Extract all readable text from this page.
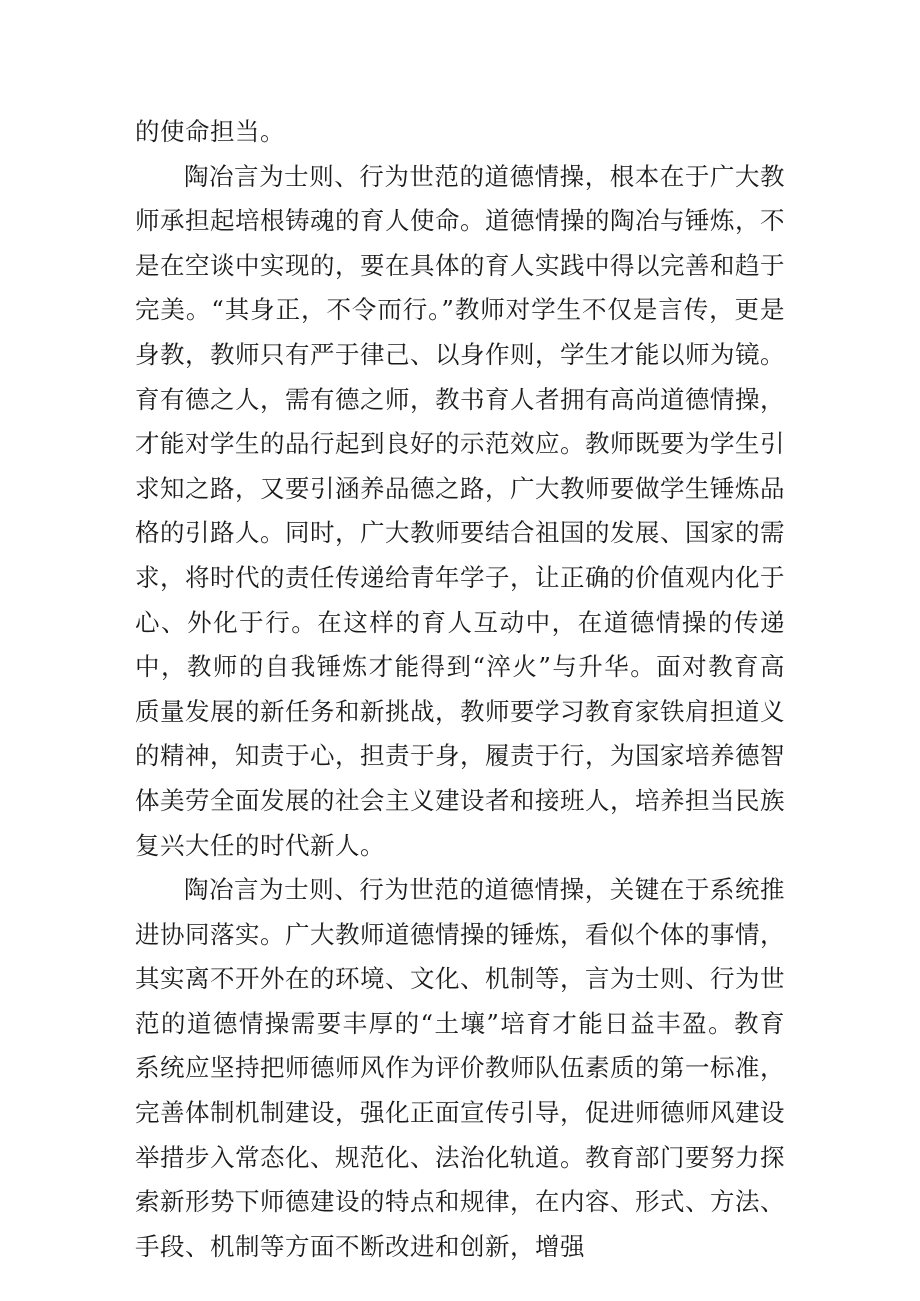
的使命担当。

陶冶言为士则、行为世范的道德情操，根本在于广大教师承担起培根铸魂的育人使命。道德情操的陶冶与锤炼，不是在空谈中实现的，要在具体的育人实践中得以完善和趋于完美。“其身正，不令而行。”教师对学生不仅是言传，更是身教，教师只有严于律己、以身作则，学生才能以师为镜。育有德之人，需有德之师，教书育人者拥有高尚道德情操，才能对学生的品行起到良好的示范效应。教师既要为学生引求知之路，又要引涵养品德之路，广大教师要做学生锤炼品格的引路人。同时，广大教师要结合祖国的发展、国家的需求，将时代的责任传递给青年学子，让正确的价值观内化于心、外化于行。在这样的育人互动中，在道德情操的传递中，教师的自我锤炼才能得到“淬火”与升华。面对教育高质量发展的新任务和新挑战，教师要学习教育家铁肩担道义的精神，知责于心，担责于身，履责于行，为国家培养德智体美劳全面发展的社会主义建设者和接班人，培养担当民族复兴大任的时代新人。

陶冶言为士则、行为世范的道德情操，关键在于系统推进协同落实。广大教师道德情操的锤炼，看似个体的事情，其实离不开外在的环境、文化、机制等，言为士则、行为世范的道德情操需要丰厚的“土壤”培育才能日益丰盈。教育系统应坚持把师德师风作为评价教师队伍素质的第一标准，完善体制机制建设，强化正面宣传引导，促进师德师风建设举措步入常态化、规范化、法治化轨道。教育部门要努力探索新形势下师德建设的特点和规律，在内容、形式、方法、手段、机制等方面不断改进和创新，增强
